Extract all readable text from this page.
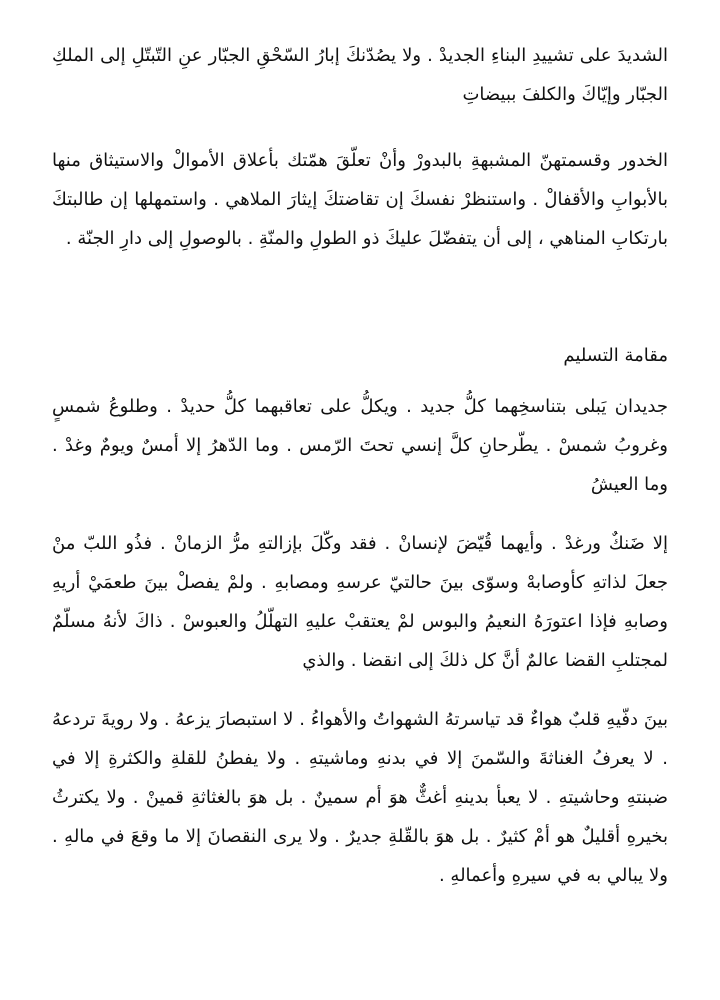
الشديدَ على تشييدِ البناءِ الجديدْ . ولا يصُدّنكَ إبارُ السّحْقِ الجبّار عنِ التّبتّلِ إلى الملكِ الجبّار وإيّاكَ والكلفَ ببيضاتِ

الخدور وقسمتهنّ المشبهةِ بالبدورْ وأنْ تعلّقَ همّتك بأعلاق الأموالْ والاستيثاق منها بالأبوابِ والأقفالْ . واستنظرْ نفسكَ إن تقاضتكَ إيثارَ الملاهي . واستمهلها إن طالبتكَ بارتكابِ المناهي ، إلى أن يتفضّلَ عليكَ ذو الطولِ والمنّةِ . بالوصولِ إلى دارِ الجنّة .

مقامة التسليم

جديدان يَبلى بتناسخِهما كلُّ جديد . ويكلُّ على تعاقبهما كلُّ حديدْ . وطلوعُ شمسٍ وغروبُ شمسْ . يطّرحانِ كلَّ إنسي تحتَ الرّمس . وما الدّهرُ إلا أمسٌ ويومٌ وغدْ . وما العيشُ

إلا ضَنكٌ ورغدْ . وأيهما قُيّضَ لإنسانْ . فقد وكّلَ بإزالتهِ مرُّ الزمانْ . فذُو اللبّ منْ جعلَ لذاتهِ كأوصابهْ وسوّى بينَ حالتيّ عرسهِ ومصابهِ . ولمْ يفصلْ بينَ طعمَيْ أريهِ وصابهِ فإذا اعتورَهُ النعيمُ والبوس لمْ يعتقبْ عليهِ التهلّلُ والعبوسْ . ذاكَ لأنهُ مسلّمٌ لمجتلبِ القضا عالمٌ أنَّ كل ذلكَ إلى انقضا . والذي

بينَ دفّيهِ قلبٌ هواءٌ قد تياسرتهُ الشهواتُ والأهواءُ . لا استبصارَ يزعهُ . ولا رويةَ تردعهُ . لا يعرفُ الغناثةَ والسّمنَ إلا في بدنهِ وماشيتهِ . ولا يفطنُ للقلةِ والكثرةِ إلا في ضبنتهِ وحاشيتهِ . لا يعبأ بدينهِ أغثٌّ هوَ أم سمينٌ . بل هوَ بالغثاثةِ قمينْ . ولا يكترثُ بخيرهِ أقليلٌ هو أمْ كثيرٌ . بل هوَ بالقّلةِ جديرٌ . ولا يرى النقصانَ إلا ما وقعَ في مالهِ . ولا يبالي به في سيرهِ وأعمالهِ .
